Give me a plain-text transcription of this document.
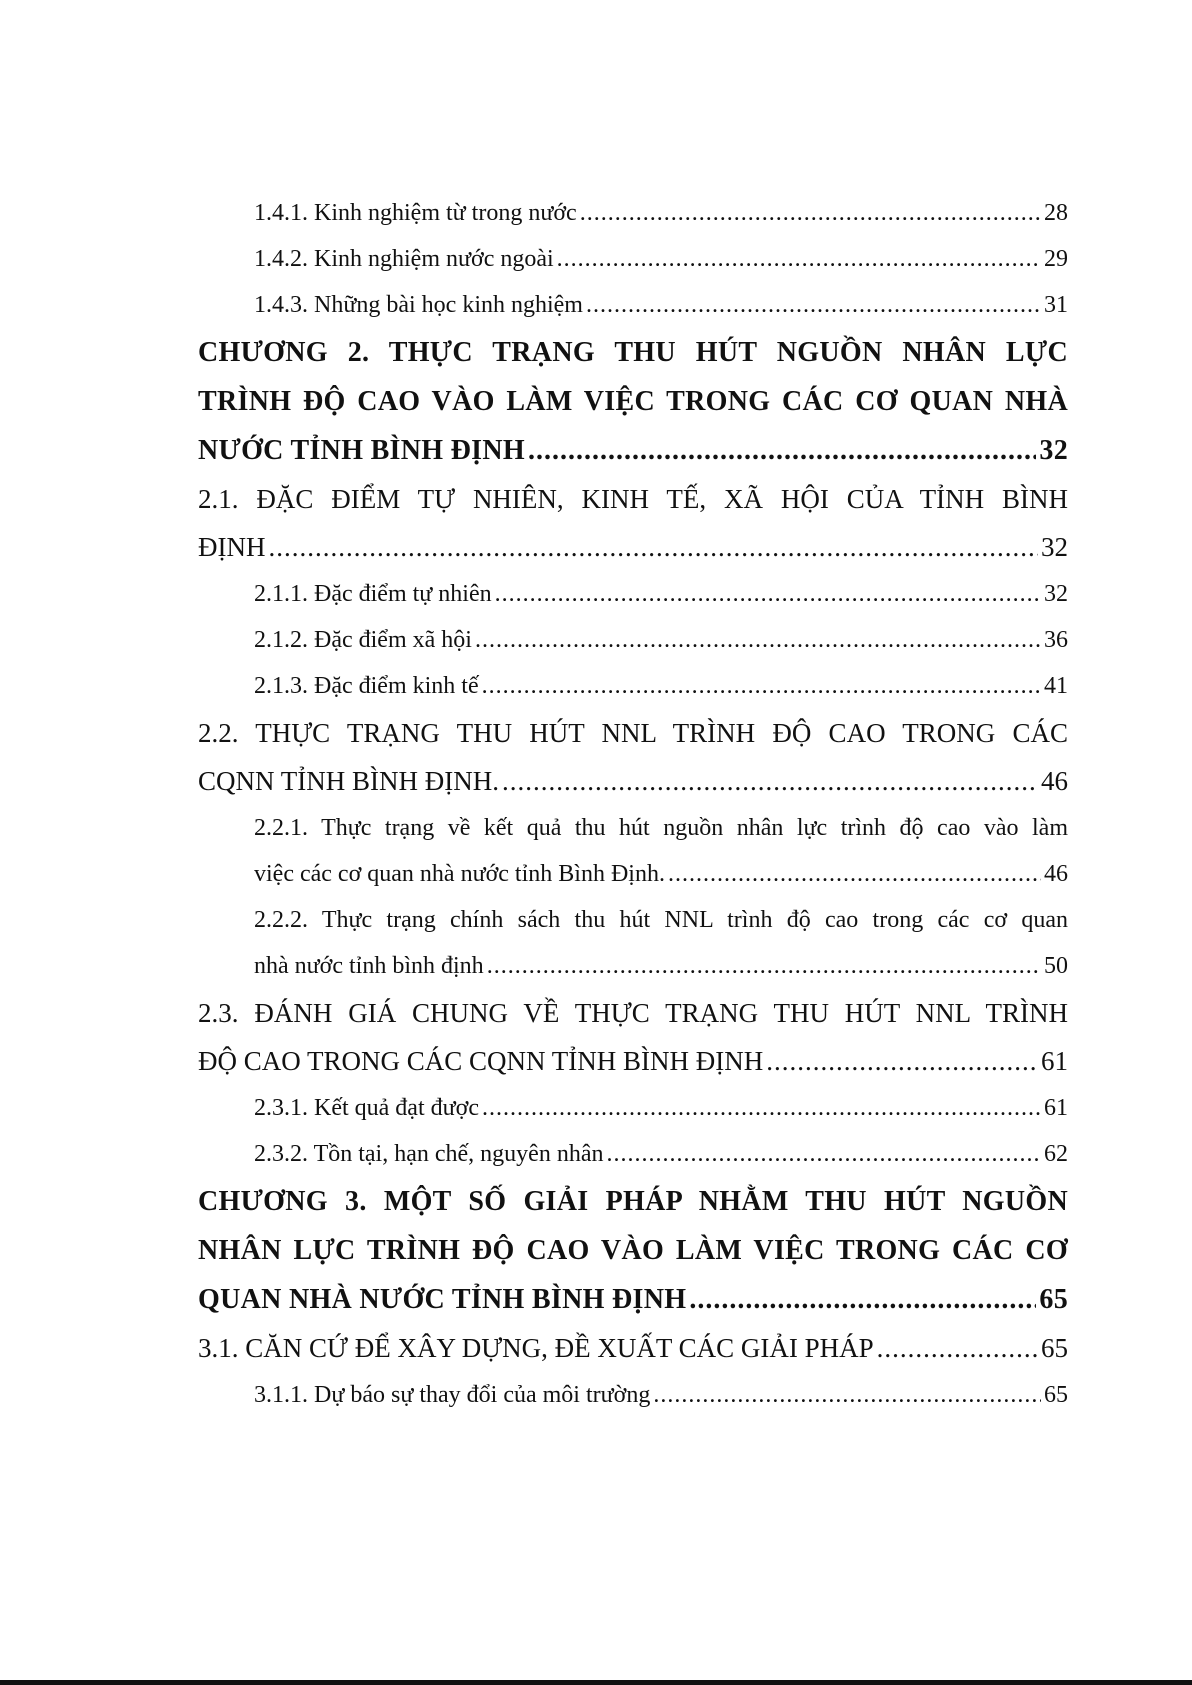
1.4.1. Kinh nghiệm từ trong nước .....	28
1.4.2. Kinh nghiệm nước ngoài .....	29
1.4.3. Những bài học kinh nghiệm .....	31
CHƯƠNG 2. THỰC TRẠNG THU HÚT NGUỒN NHÂN LỰC
TRÌNH ĐỘ CAO VÀO LÀM VIỆC TRONG CÁC CƠ QUAN NHÀ
NƯỚC TỈNH BÌNH ĐỊNH .....	32
2.1. ĐẶC ĐIỂM TỰ NHIÊN, KINH TẾ, XÃ HỘI CỦA TỈNH BÌNH
ĐỊNH .....	32
2.1.1. Đặc điểm tự nhiên .....	32
2.1.2. Đặc điểm xã hội .....	36
2.1.3. Đặc điểm kinh tế .....	41
2.2. THỰC TRẠNG THU HÚT NNL TRÌNH ĐỘ CAO TRONG CÁC
CQNN TỈNH BÌNH ĐỊNH. .....	46
2.2.1. Thực trạng về kết quả thu hút nguồn nhân lực trình độ cao vào làm
việc các cơ quan nhà nước tỉnh Bình Định. .....	46
2.2.2. Thực trạng chính sách thu hút NNL trình độ cao trong các cơ quan
nhà nước tỉnh bình định .....	50
2.3. ĐÁNH GIÁ CHUNG VỀ THỰC TRẠNG THU HÚT NNL TRÌNH
ĐỘ CAO TRONG CÁC CQNN TỈNH BÌNH ĐỊNH .....	61
2.3.1. Kết quả đạt được .....	61
2.3.2. Tồn tại, hạn chế, nguyên nhân .....	62
CHƯƠNG 3. MỘT SỐ GIẢI PHÁP NHẰM THU HÚT NGUỒN
NHÂN LỰC TRÌNH ĐỘ CAO VÀO LÀM VIỆC TRONG CÁC CƠ
QUAN NHÀ NƯỚC TỈNH BÌNH ĐỊNH .....	65
3.1. CĂN CỨ ĐỂ XÂY DỰNG, ĐỀ XUẤT CÁC GIẢI PHÁP .....	65
3.1.1. Dự báo sự thay đổi của môi trường .....	65
